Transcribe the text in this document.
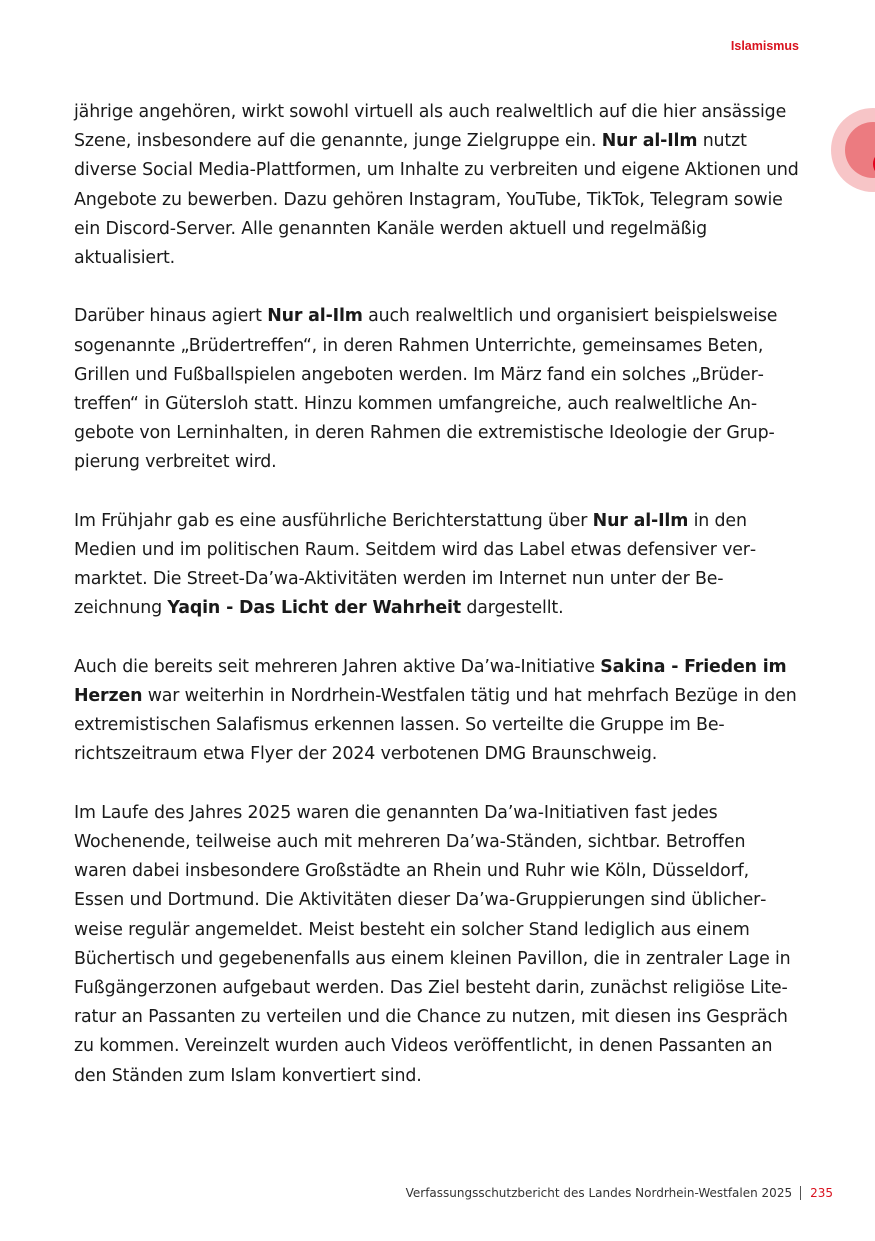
Islamismus

jährige angehören, wirkt sowohl virtuell als auch realweltlich auf die hier ansässige Szene, insbesondere auf die genannte, junge Zielgruppe ein. Nur al-Ilm nutzt diverse Social Media-Plattformen, um Inhalte zu verbreiten und eigene Aktionen und Angebote zu bewerben. Dazu gehören Instagram, YouTube, TikTok, Telegram sowie ein Discord-Server. Alle genannten Kanäle werden aktuell und regelmäßig aktualisiert.

Darüber hinaus agiert Nur al-Ilm auch realweltlich und organisiert beispielsweise sogenannte „Brüdertreffen“, in deren Rahmen Unterrichte, gemeinsames Beten, Grillen und Fußballspielen angeboten werden. Im März fand ein solches „Brüdertreffen“ in Gütersloh statt. Hinzu kommen umfangreiche, auch realweltliche Angebote von Lerninhalten, in deren Rahmen die extremistische Ideologie der Gruppierung verbreitet wird.

Im Frühjahr gab es eine ausführliche Berichterstattung über Nur al-Ilm in den Medien und im politischen Raum. Seitdem wird das Label etwas defensiver vermarktet. Die Street-Da’wa-Aktivitäten werden im Internet nun unter der Bezeichnung Yaqin - Das Licht der Wahrheit dargestellt.

Auch die bereits seit mehreren Jahren aktive Da’wa-Initiative Sakina - Frieden im Herzen war weiterhin in Nordrhein-Westfalen tätig und hat mehrfach Bezüge in den extremistischen Salafismus erkennen lassen. So verteilte die Gruppe im Berichtszeitraum etwa Flyer der 2024 verbotenen DMG Braunschweig.

Im Laufe des Jahres 2025 waren die genannten Da’wa-Initiativen fast jedes Wochenende, teilweise auch mit mehreren Da’wa-Ständen, sichtbar. Betroffen waren dabei insbesondere Großstädte an Rhein und Ruhr wie Köln, Düsseldorf, Essen und Dortmund. Die Aktivitäten dieser Da’wa-Gruppierungen sind üblicherweise regulär angemeldet. Meist besteht ein solcher Stand lediglich aus einem Büchertisch und gegebenenfalls aus einem kleinen Pavillon, die in zentraler Lage in Fußgängerzonen aufgebaut werden. Das Ziel besteht darin, zunächst religiöse Literatur an Passanten zu verteilen und die Chance zu nutzen, mit diesen ins Gespräch zu kommen. Vereinzelt wurden auch Videos veröffentlicht, in denen Passanten an den Ständen zum Islam konvertiert sind.

Verfassungsschutzbericht des Landes Nordrhein-Westfalen 2025 235
